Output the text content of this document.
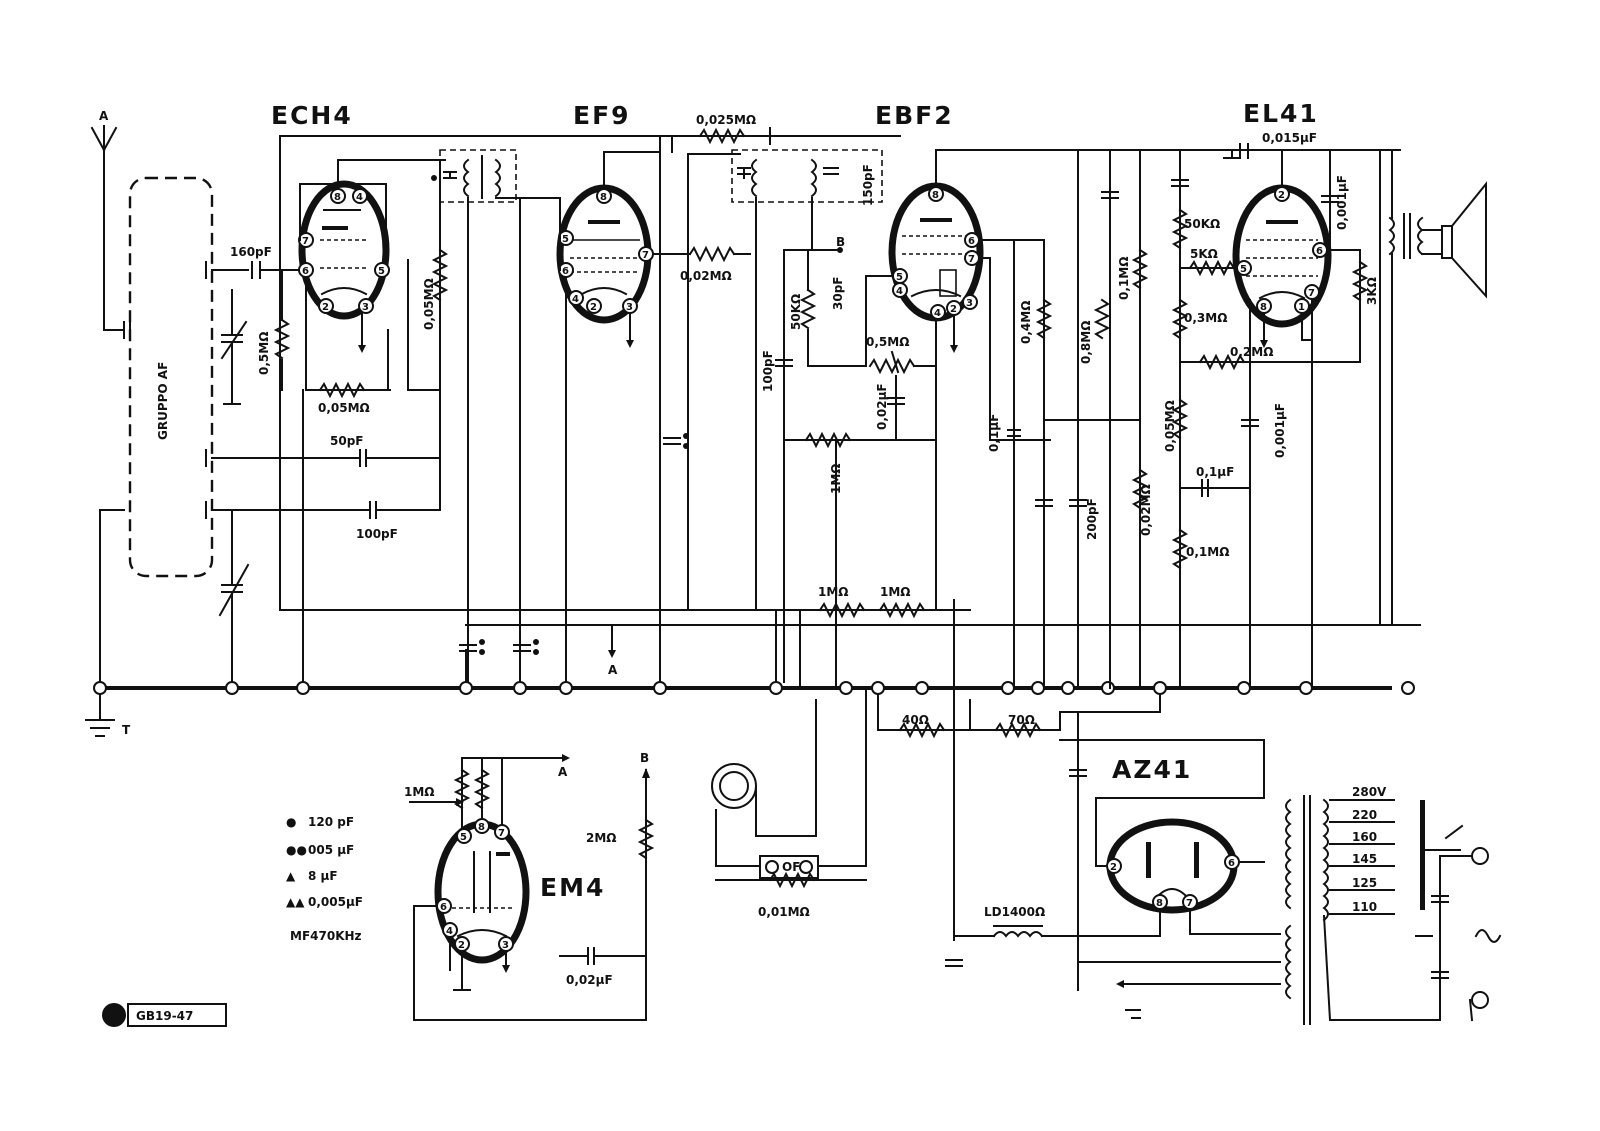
T
A
GRUPPO AF
ECH4
8 4
7
6	5
2	3
160pF
0,5MΩ
0,05MΩ
0,05MΩ
50pF
100pF
EF9
8
5
6
7
4
2	3
A
0,025MΩ
0,02MΩ
B
150pF
100pF
50KΩ
30pF
EBF2
8
6
7
5
4
4 2
3
0,5MΩ
0,02µF
1MΩ
1MΩ	1MΩ
0,4MΩ
0,1µF
0,8MΩ
200pF
0,1MΩ
EL41
2
5
6
7
8	1
0,015µF
50KΩ
5KΩ
0,3MΩ
0,2MΩ
0,05MΩ
0,02MΩ
0,1µF
0,1MΩ
0,001µF
0,001µF
3KΩ
40Ω	70Ω
LD1400Ω
AZ41
2	6
8 7
280V
220
160
145
125
110
OF
0,01MΩ
EM4
5
8
7
6
4
2	3
A
B
1MΩ
2MΩ
0,02µF
● 120 pF
●● 005 µF
▲ 8 µF
▲▲ 0,005µF
MF470KHz
GB19-47
